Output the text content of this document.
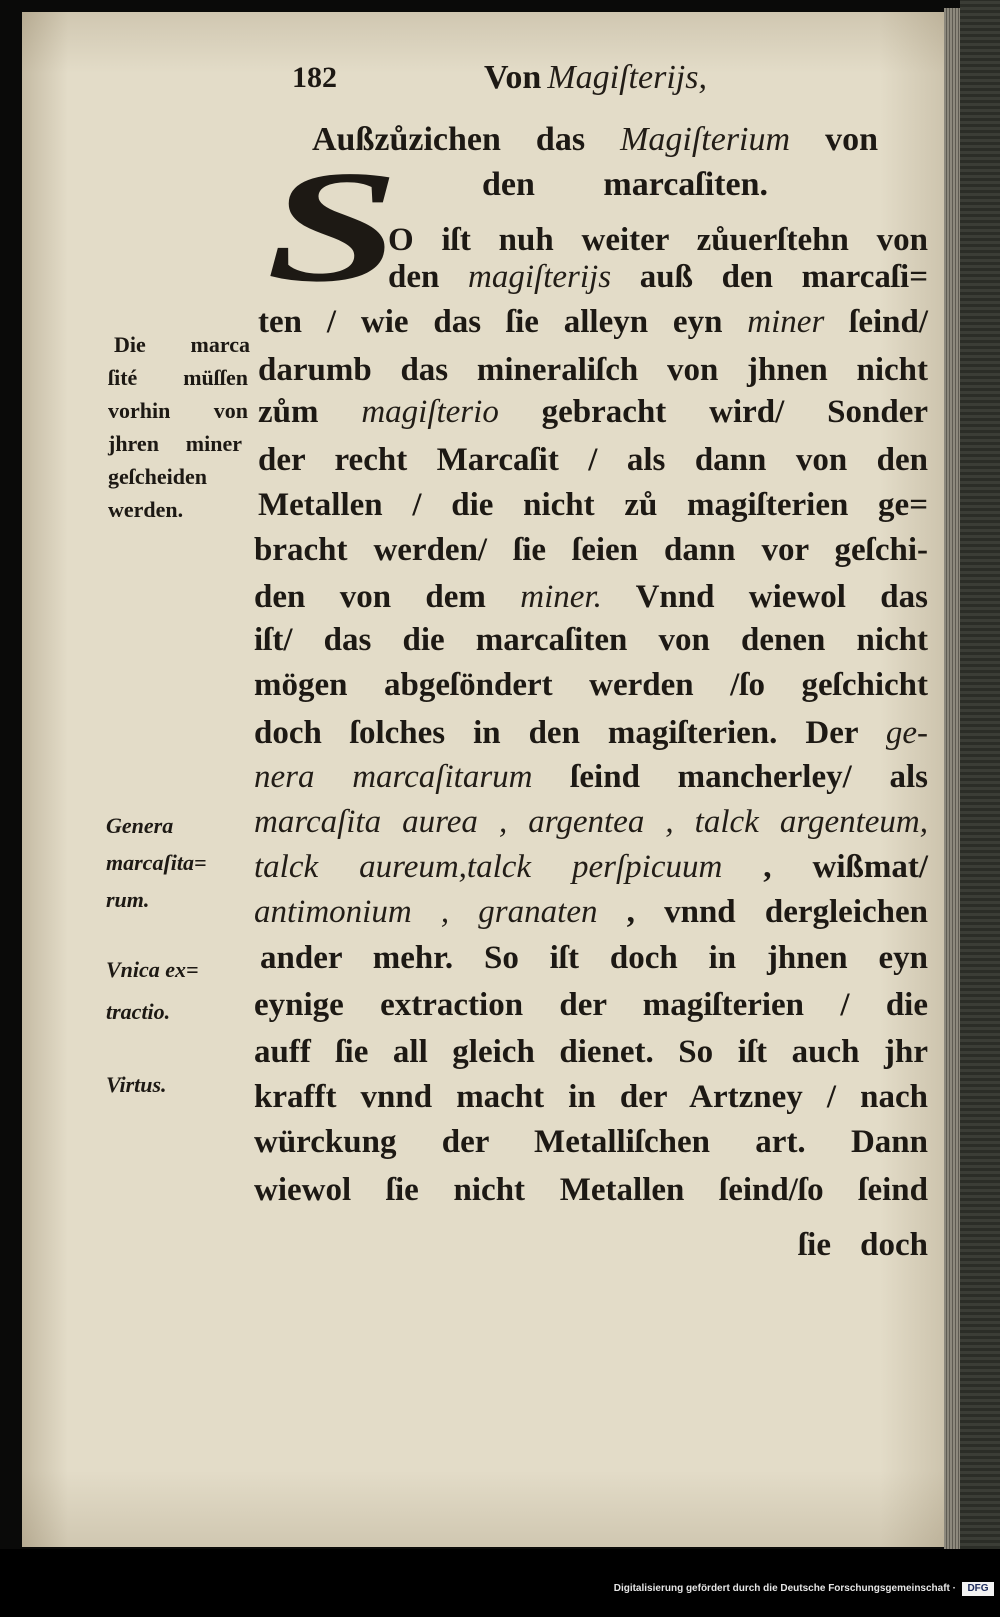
182	Von Magiſterijs,
Außzůzichen das Magiſterium von
den marcaſiten.
S
O iſt nuh weiter zůuerſtehn von
den magiſterijs auß den marcaſi=
ten / wie das ſie alleyn eyn miner ſeind/
darumb das mineraliſch von jhnen nicht
zům magiſterio gebracht wird/ Sonder
der recht Marcaſit / als dann von den
Metallen / die nicht zů magiſterien ge=
bracht werden/ ſie ſeien dann vor geſchi-
den von dem miner. Vnnd wiewol das
iſt/ das die marcaſiten von denen nicht
mögen abgeſöndert werden /ſo geſchicht
doch ſolches in den magiſterien. Der ge-
nera marcaſitarum ſeind mancherley/ als
marcaſita aurea , argentea , talck argenteum,
talck aureum,talck perſpicuum , wißmat/
antimonium , granaten , vnnd dergleichen
ander mehr. So iſt doch in jhnen eyn
eynige extraction der magiſterien / die
auff ſie all gleich dienet. So iſt auch jhr
krafft vnnd macht in der Artzney / nach
würckung der Metalliſchen art. Dann
wiewol ſie nicht Metallen ſeind/ſo ſeind
ſie doch
Die marca
ſité müſſen
vorhin von
jhren miner
geſcheiden
werden.
Genera
marcaſita=
rum.
Vnica ex=
tractio.
Virtus.
Digitalisierung gefördert durch die Deutsche Forschungsgemeinschaft ·	DFG
